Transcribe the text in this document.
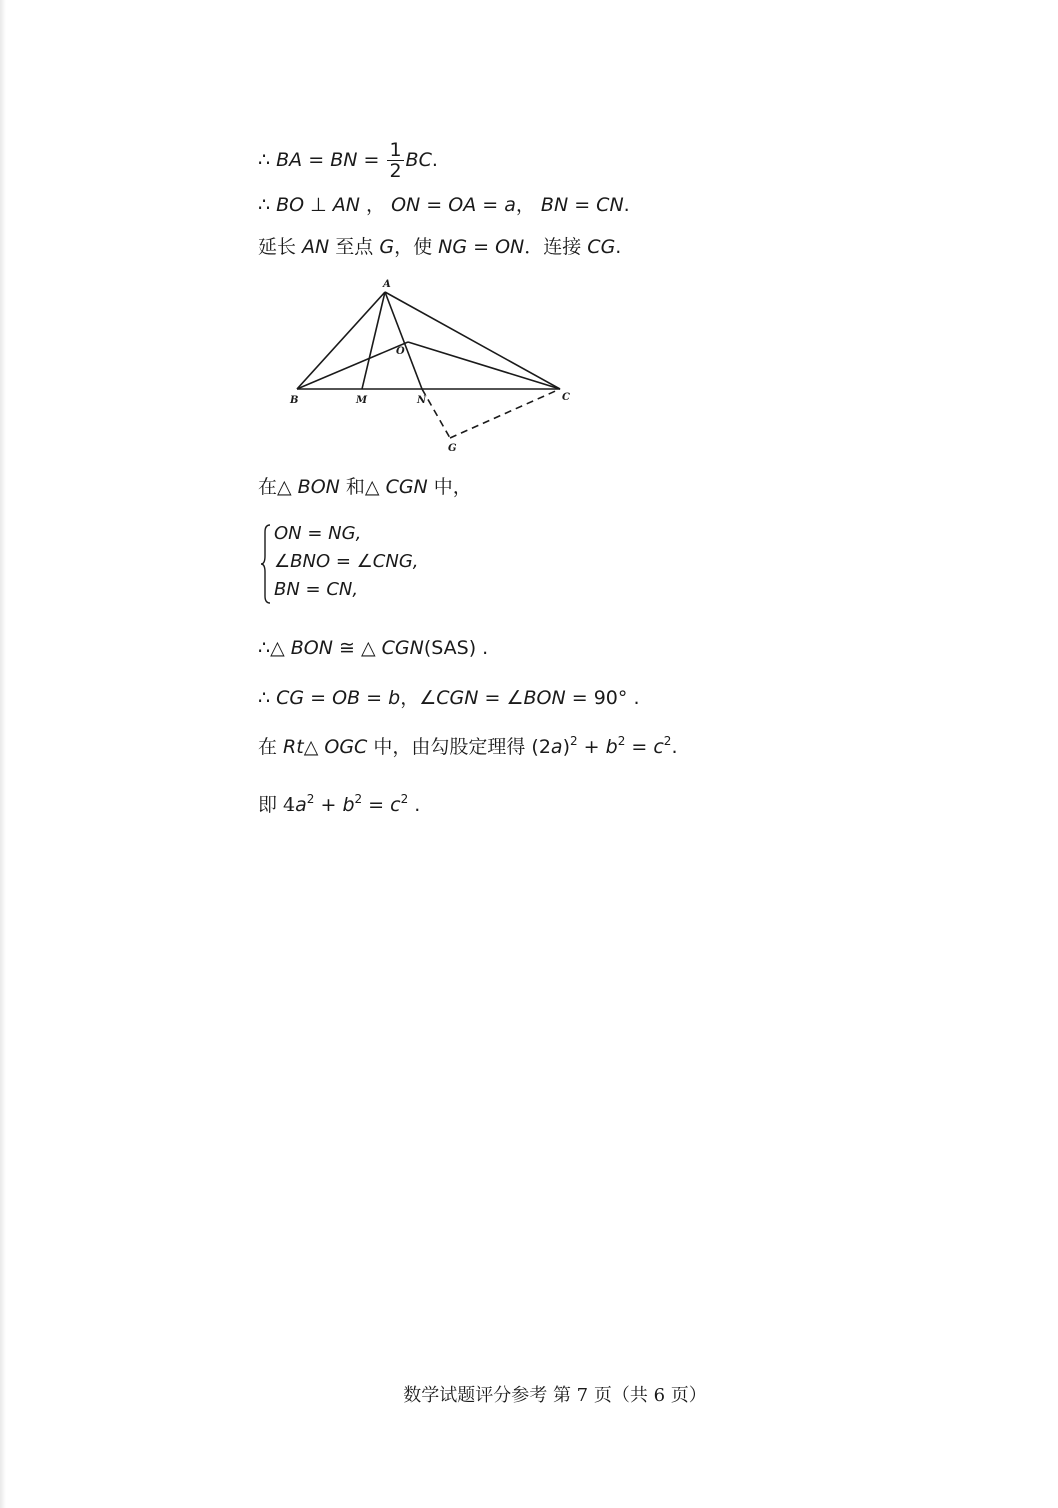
∴ BA = BN = $\frac{1}{2}$ BC.
∴ BO ⊥ AN ， ON = OA = a， BN = CN.
延长 AN 至点 G，使 NG = ON．连接 CG.
A
B	C
M	N
O
G
在△ BON 和△ CGN 中，
ON = NG,
∠BNO = ∠CNG,
BN = CN,
∴△ BON ≅ △ CGN(SAS) .
∴ CG = OB = b，∠CGN = ∠BON = 90° .
在 Rt△ OGC 中，由勾股定理得 $(2a)^2 + b^2 = c^2$.
即 $4a^2 + b^2 = c^2$ .
数学试题评分参考 第 7 页（共 6 页）
